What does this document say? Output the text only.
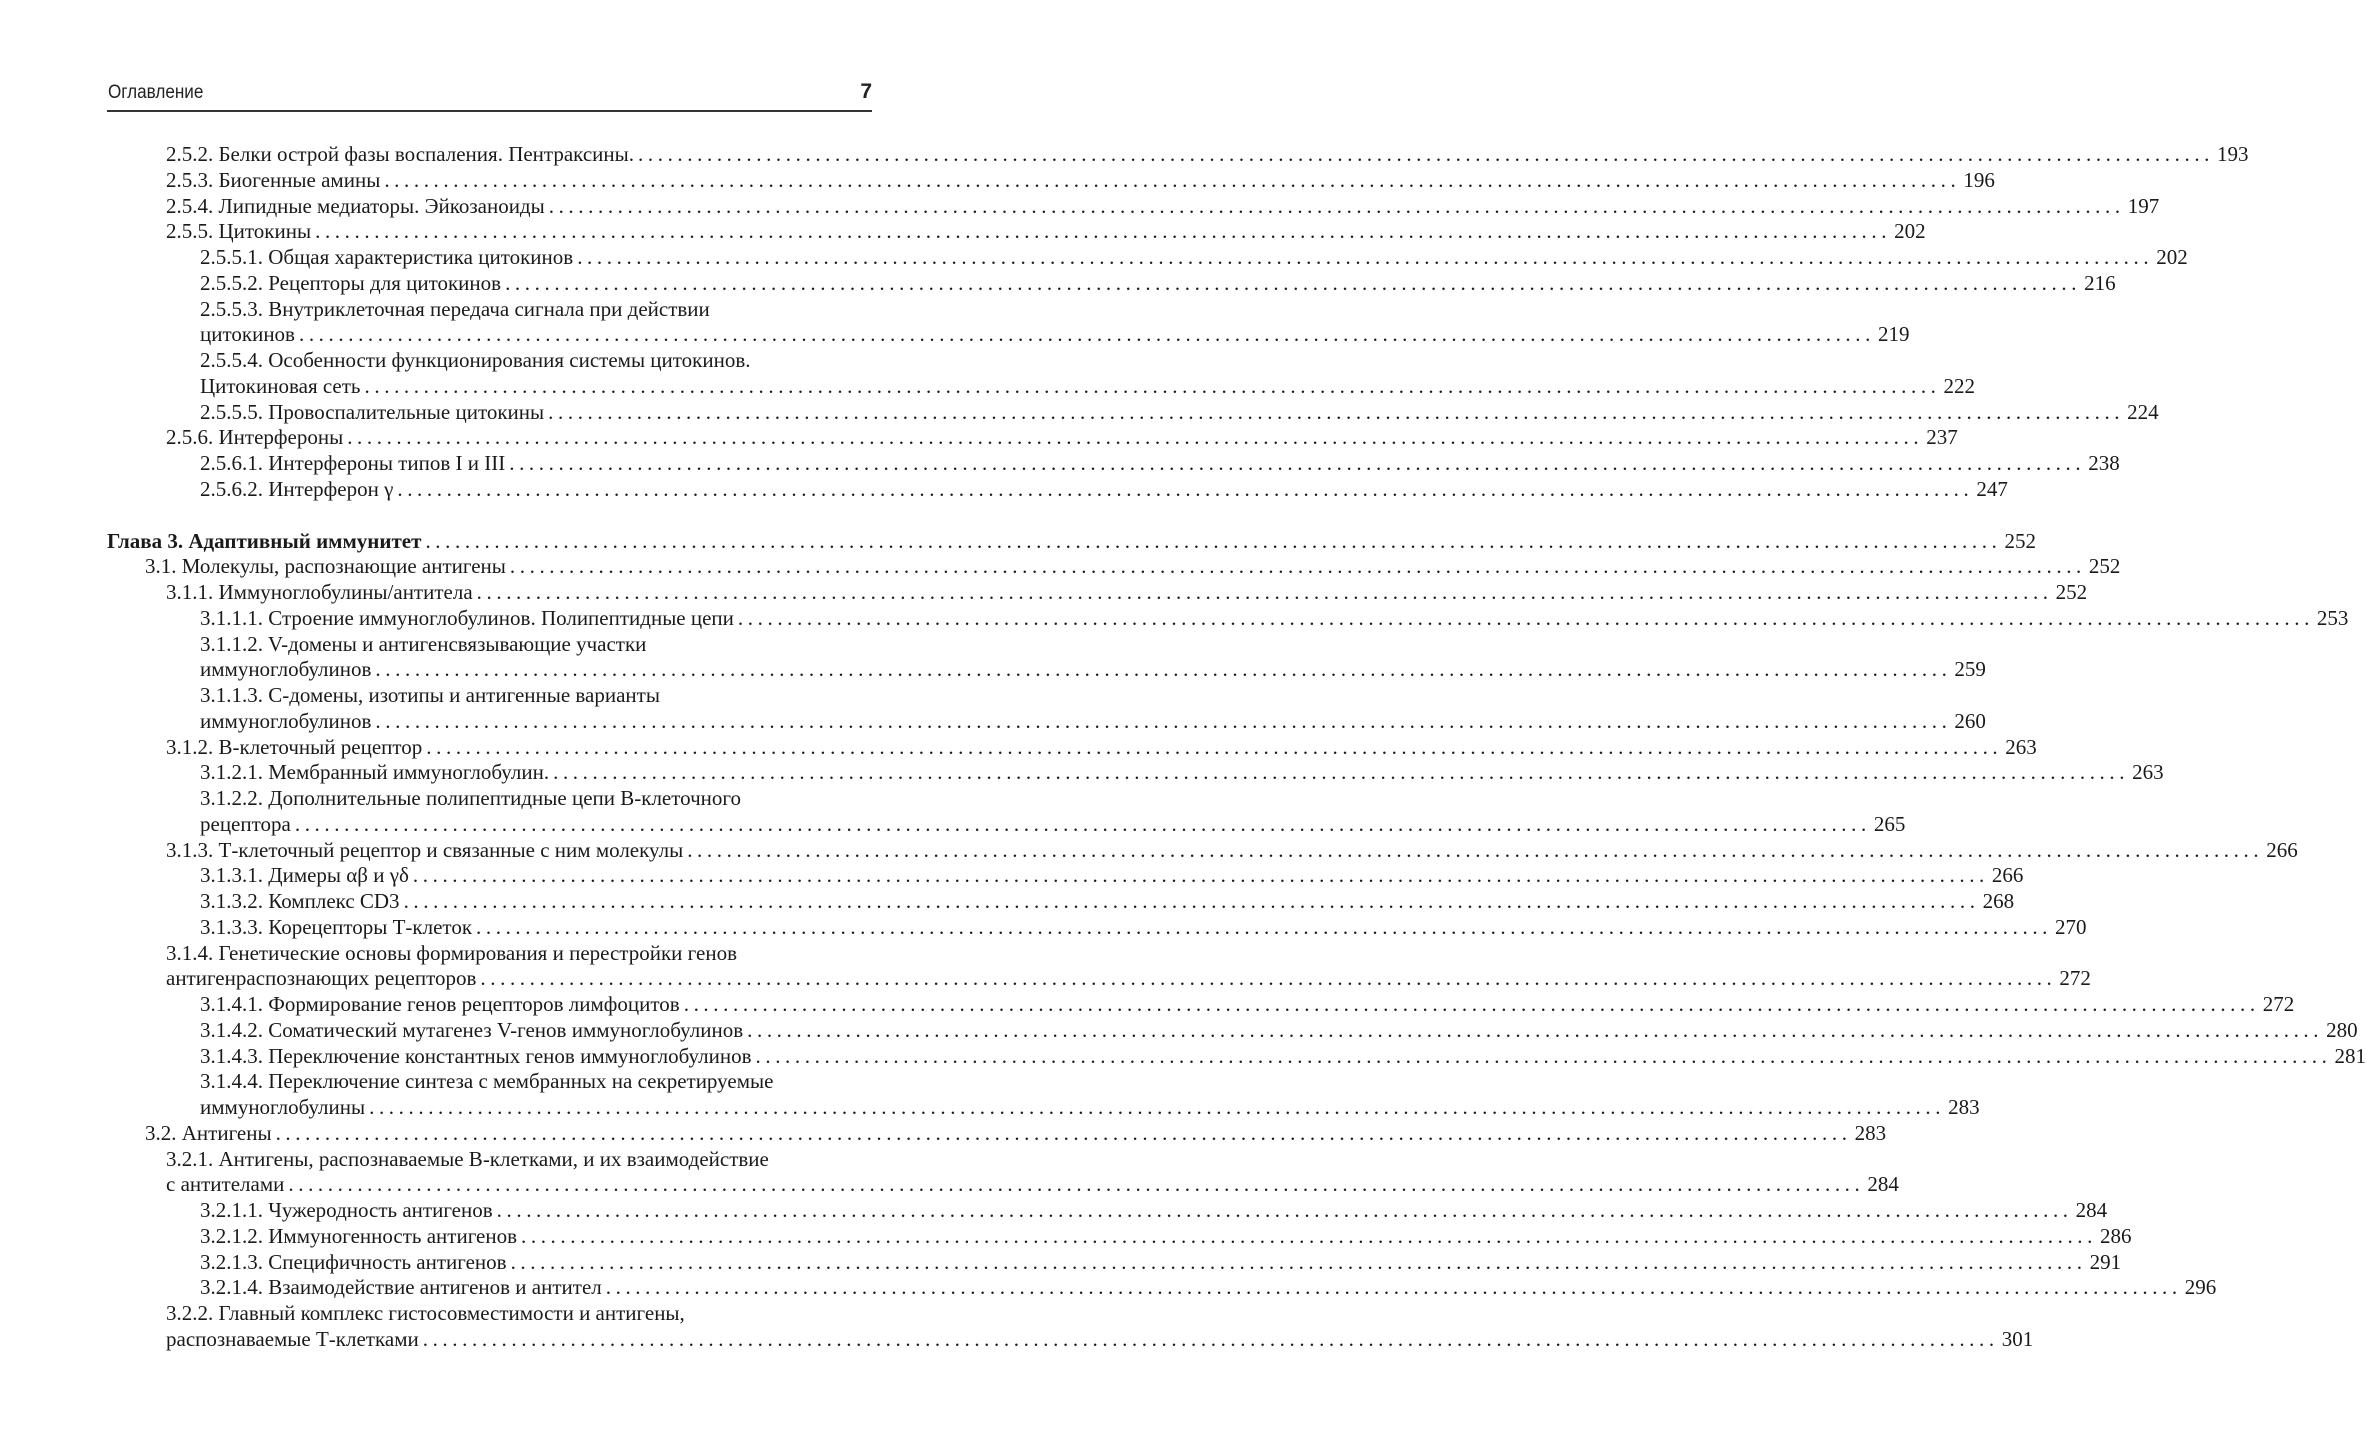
Оглавление	7
2.5.2. Белки острой фазы воспаления. Пентраксины. ................................................................................................................................................................ 193
2.5.3. Биогенные амины ................................................................................................................................................................ 196
2.5.4. Липидные медиаторы. Эйкозаноиды ................................................................................................................................................................ 197
2.5.5. Цитокины ................................................................................................................................................................ 202
2.5.5.1. Общая характеристика цитокинов ................................................................................................................................................................ 202
2.5.5.2. Рецепторы для цитокинов ................................................................................................................................................................ 216
2.5.5.3. Внутриклеточная передача сигнала при действии
цитокинов ................................................................................................................................................................ 219
2.5.5.4. Особенности функционирования системы цитокинов.
Цитокиновая сеть ................................................................................................................................................................ 222
2.5.5.5. Провоспалительные цитокины ................................................................................................................................................................ 224
2.5.6. Интерфероны ................................................................................................................................................................ 237
2.5.6.1. Интерфероны типов I и III ................................................................................................................................................................ 238
2.5.6.2. Интерферон γ ................................................................................................................................................................ 247
Глава 3. Адаптивный иммунитет ................................................................................................................................................................ 252
3.1. Молекулы, распознающие антигены ................................................................................................................................................................ 252
3.1.1. Иммуноглобулины/антитела ................................................................................................................................................................ 252
3.1.1.1. Строение иммуноглобулинов. Полипептидные цепи ................................................................................................................................................................ 253
3.1.1.2. V-домены и антигенсвязывающие участки
иммуноглобулинов ................................................................................................................................................................ 259
3.1.1.3. С-домены, изотипы и антигенные варианты
иммуноглобулинов ................................................................................................................................................................ 260
3.1.2. В-клеточный рецептор ................................................................................................................................................................ 263
3.1.2.1. Мембранный иммуноглобулин. ................................................................................................................................................................ 263
3.1.2.2. Дополнительные полипептидные цепи В-клеточного
рецептора ................................................................................................................................................................ 265
3.1.3. Т-клеточный рецептор и связанные с ним молекулы ................................................................................................................................................................ 266
3.1.3.1. Димеры αβ и γδ ................................................................................................................................................................ 266
3.1.3.2. Комплекс CD3 ................................................................................................................................................................ 268
3.1.3.3. Корецепторы Т-клеток ................................................................................................................................................................ 270
3.1.4. Генетические основы формирования и перестройки генов
антигенраспознающих рецепторов ................................................................................................................................................................ 272
3.1.4.1. Формирование генов рецепторов лимфоцитов ................................................................................................................................................................ 272
3.1.4.2. Соматический мутагенез V-генов иммуноглобулинов ................................................................................................................................................................ 280
3.1.4.3. Переключение константных генов иммуноглобулинов ................................................................................................................................................................ 281
3.1.4.4. Переключение синтеза с мембранных на секретируемые
иммуноглобулины ................................................................................................................................................................ 283
3.2. Антигены ................................................................................................................................................................ 283
3.2.1. Антигены, распознаваемые В-клетками, и их взаимодействие
с антителами ................................................................................................................................................................ 284
3.2.1.1. Чужеродность антигенов ................................................................................................................................................................ 284
3.2.1.2. Иммуногенность антигенов ................................................................................................................................................................ 286
3.2.1.3. Специфичность антигенов ................................................................................................................................................................ 291
3.2.1.4. Взаимодействие антигенов и антител ................................................................................................................................................................ 296
3.2.2. Главный комплекс гистосовместимости и антигены,
распознаваемые Т-клетками ................................................................................................................................................................ 301
